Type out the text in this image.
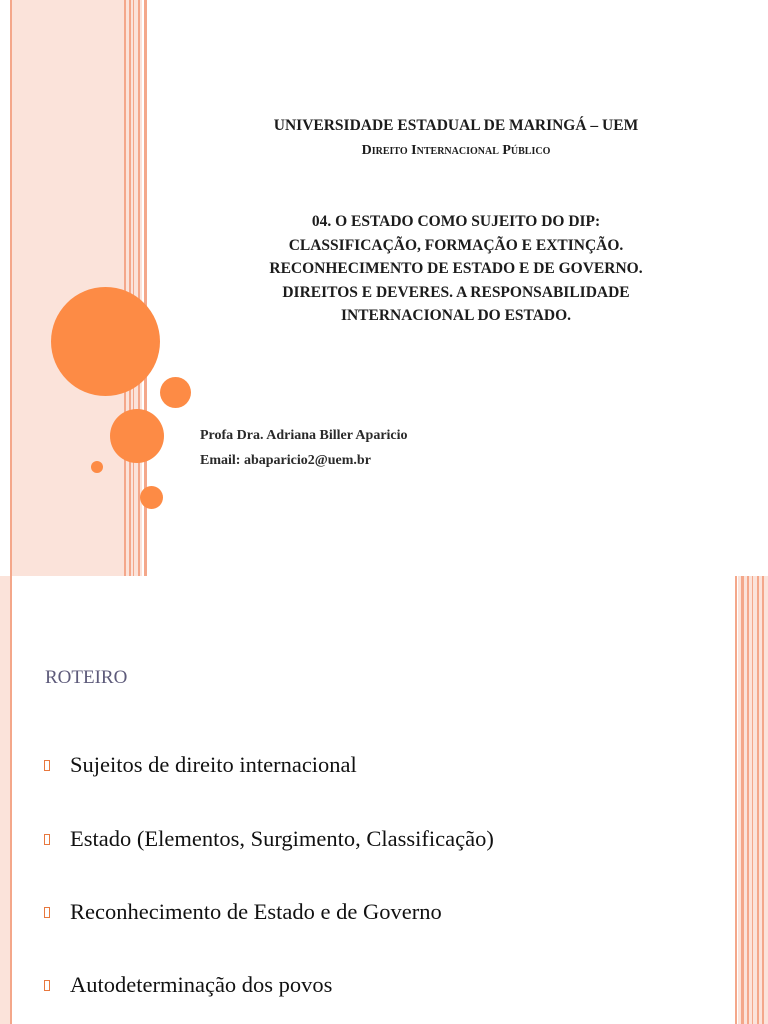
UNIVERSIDADE ESTADUAL DE MARINGÁ – UEM
Direito Internacional Público
04. O ESTADO COMO SUJEITO DO DIP:
CLASSIFICAÇÃO, FORMAÇÃO E EXTINÇÃO.
RECONHECIMENTO DE ESTADO E DE GOVERNO.
DIREITOS E DEVERES. A RESPONSABILIDADE
INTERNACIONAL DO ESTADO.
Profa Dra. Adriana Biller Aparicio
Email: abaparicio2@uem.br
ROTEIRO
Sujeitos de direito internacional
Estado (Elementos, Surgimento, Classificação)
Reconhecimento de Estado e de Governo
Autodeterminação dos povos
